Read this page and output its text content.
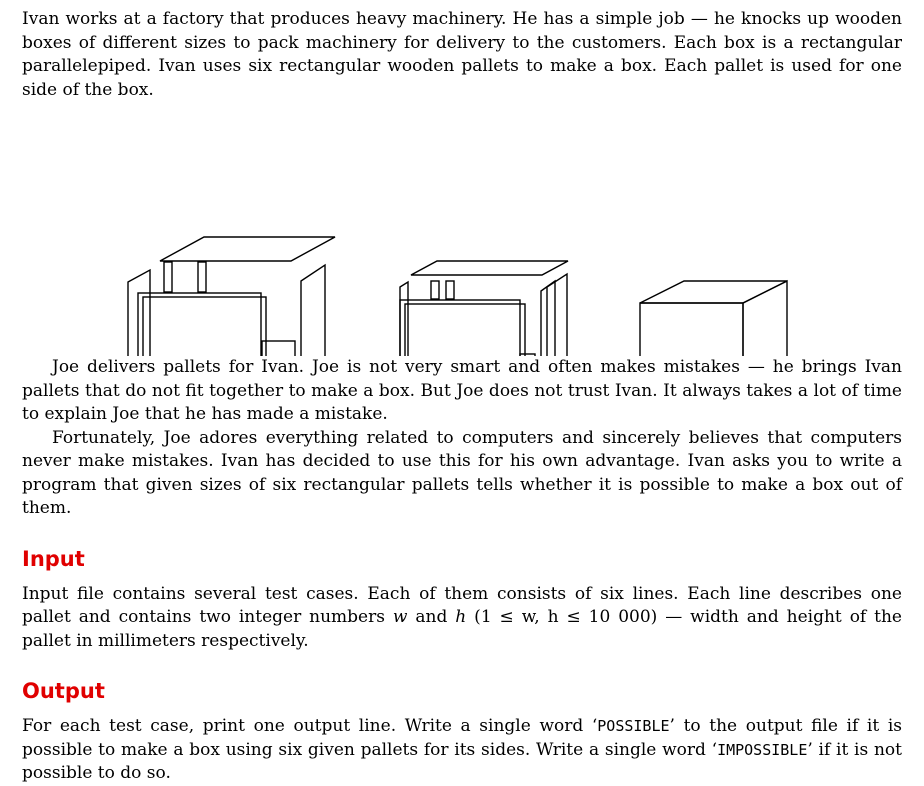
Ivan works at a factory that produces heavy machinery. He has a simple job — he knocks up wooden boxes of different sizes to pack machinery for delivery to the customers. Each box is a rectangular parallelepiped. Ivan uses six rectangular wooden pallets to make a box. Each pallet is used for one side of the box.

Joe delivers pallets for Ivan. Joe is not very smart and often makes mistakes — he brings Ivan pallets that do not fit together to make a box. But Joe does not trust Ivan. It always takes a lot of time to explain Joe that he has made a mistake.

Fortunately, Joe adores everything related to computers and sincerely believes that computers never make mistakes. Ivan has decided to use this for his own advantage. Ivan asks you to write a program that given sizes of six rectangular pallets tells whether it is possible to make a box out of them.

Input

Input file contains several test cases. Each of them consists of six lines. Each line describes one pallet and contains two integer numbers w and h (1 ≤ w, h ≤ 10 000) — width and height of the pallet in millimeters respectively.

Output

For each test case, print one output line. Write a single word ‘POSSIBLE’ to the output file if it is possible to make a box using six given pallets for its sides. Write a single word ‘IMPOSSIBLE’ if it is not possible to do so.
